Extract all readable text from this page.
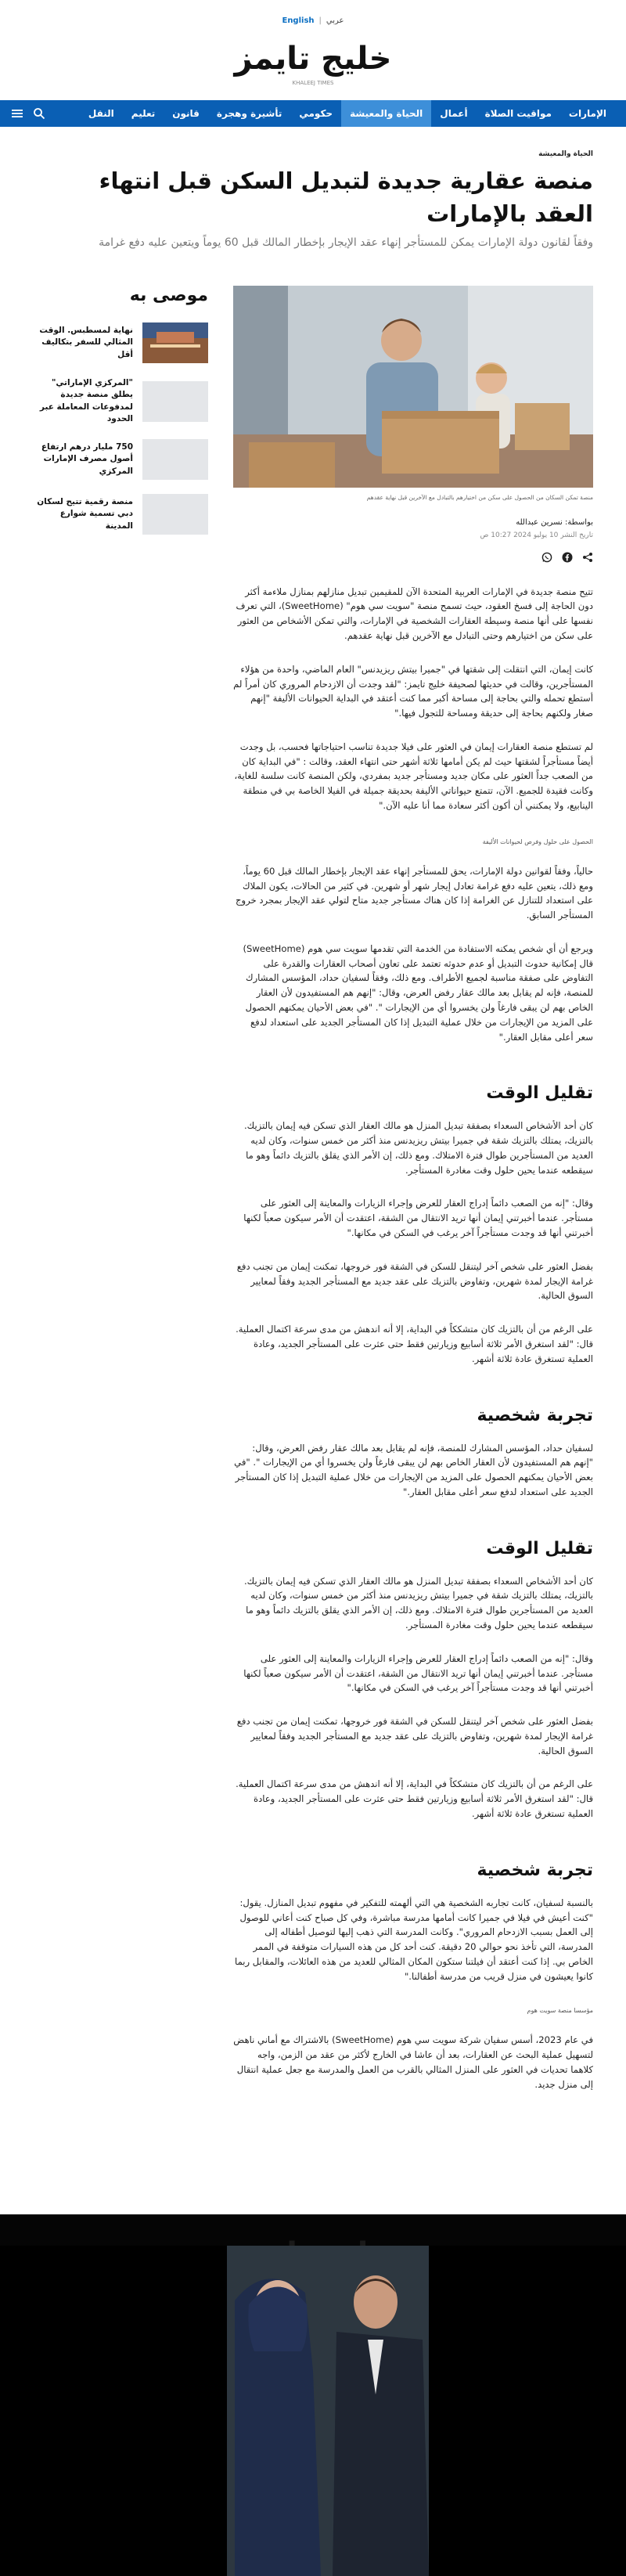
English | عربي
خليج تايمز
KHALEEJ TIMES
الإمارات
مواقيت الصلاة
أعمال
الحياة والمعيشة
حكومي
تأشيرة وهجرة
قانون
تعليم
النقل
الحياة والمعيشة
منصة عقارية جديدة لتبديل السكن قبل انتهاء العقد بالإمارات
وفقاً لقانون دولة الإمارات يمكن للمستأجر إنهاء عقد الإيجار بإخطار المالك قبل 60 يوماً ويتعين عليه دفع غرامة
منصة تمكن السكان من الحصول على سكن من اختيارهم بالتبادل مع الآخرين قبل نهاية عقدهم
بواسطة: نسرين عبدالله
تاريخ النشر 10 يوليو 2024 10:27 ص

تتيح منصة جديدة في الإمارات العربية المتحدة الآن للمقيمين تبديل منازلهم بمنازل ملاءمة أكثر دون الحاجة إلى فسخ العقود، حيث تسمح منصة "سويت سي هوم" (SweetHome)، التي تعرف نفسها على أنها منصة وسيطة العقارات الشخصية في الإمارات، والتي تمكن الأشخاص من العثور على سكن من اختيارهم وحتى التبادل مع الآخرين قبل نهاية عقدهم.

كانت إيمان، التي انتقلت إلى شقتها في "جميرا بيتش ريزيدنس" العام الماضي، واحدة من هؤلاء المستأجرين، وقالت في حديثها لصحيفة خليج تايمز: "لقد وجدت أن الازدحام المروري كان أمراً لم أستطع تحمله والتي بحاجة إلى مساحة أكبر مما كنت أعتقد في البداية الحيوانات الأليفة "إنهم صغار ولكنهم بحاجة إلى حديقة ومساحة للتجول فيها."

لم تستطع منصة العقارات إيمان في العثور على فيلا جديدة تناسب احتياجاتها فحسب، بل وجدت أيضاً مستأجراً لشقتها حيث لم يكن أمامها ثلاثة أشهر حتى انتهاء العقد، وقالت : "في البداية كان من الصعب جداً العثور على مكان جديد ومستأجر جديد بمفردي، ولكن المنصة كانت سلسة للغاية، وكانت فقيدة للجميع. الآن، تتمتع حيواناتي الأليفة بحديقة جميلة في الفيلا الخاصة بي في منطقة الينابيع، ولا يمكنني أن أكون أكثر سعادة مما أنا عليه الآن."

الحصول على حلول وفرص لحيوانات الأليفة

حالياً، وفقاً لقوانين دولة الإمارات، يحق للمستأجر إنهاء عقد الإيجار بإخطار المالك قبل 60 يوماً، ومع ذلك، يتعين عليه دفع غرامة تعادل إيجار شهر أو شهرين. في كثير من الحالات، يكون الملاك على استعداد للتنازل عن الغرامة إذا كان هناك مستأجر جديد متاح لتولي عقد الإيجار بمجرد خروج المستأجر السابق.

ويرجع أن أي شخص يمكنه الاستفادة من الخدمة التي تقدمها سويت سي هوم (SweetHome) قال إمكانية حدوث التبديل أو عدم حدوثه تعتمد على تعاون أصحاب العقارات والقدرة على التفاوض على صفقة مناسبة لجميع الأطراف. ومع ذلك، وفقاً لسفيان حداد، المؤسس المشارك للمنصة، فإنه لم يقابل بعد مالك عقار رفض العرض، وقال: "إنهم هم المستفيدون لأن العقار الخاص بهم لن يبقى فارغاً ولن يخسروا أي من الإيجارات ". "في بعض الأحيان يمكنهم الحصول على المزيد من الإيجارات من خلال عملية التبديل إذا كان المستأجر الجديد على استعداد لدفع سعر أعلى مقابل العقار."

تقليل الوقت

كان أحد الأشخاص السعداء بصفقة تبديل المنزل هو مالك العقار الذي تسكن فيه إيمان بالتزيك. بالتزيك، يمتلك بالتزيك شقة في جميرا بيتش ريزيدنس منذ أكثر من خمس سنوات، وكان لديه العديد من المستأجرين طوال فترة الامتلاك. ومع ذلك، إن الأمر الذي يقلق بالتزيك دائماً وهو ما سيقطعه عندما يحين حلول وقت مغادرة المستأجر.

وقال: "إنه من الصعب دائماً إدراج العقار للعرض وإجراء الزيارات والمعاينة إلى العثور على مستأجر. عندما أخبرتني إيمان أنها تريد الانتقال من الشقة، اعتقدت أن الأمر سيكون صعباً لكنها أخبرتني أنها قد وجدت مستأجراً آخر يرغب في السكن في مكانها."

بفضل العثور على شخص آخر ليتنقل للسكن في الشقة فور خروجها، تمكنت إيمان من تجنب دفع غرامة الإيجار لمدة شهرين، وتفاوض بالتزيك على عقد جديد مع المستأجر الجديد وفقاً لمعايير السوق الحالية.

على الرغم من أن بالتزيك كان متشككاً في البداية، إلا أنه اندهش من مدى سرعة اكتمال العملية. قال: "لقد استغرق الأمر ثلاثة أسابيع وزيارتين فقط حتى عثرت على المستأجر الجديد، وعادة العملية تستغرق عادة ثلاثة أشهر.

تجربة شخصية

لسفيان حداد، المؤسس المشارك للمنصة، فإنه لم يقابل بعد مالك عقار رفض العرض، وقال: "إنهم هم المستفيدون لأن العقار الخاص بهم لن يبقى فارغاً ولن يخسروا أي من الإيجارات ". "في بعض الأحيان يمكنهم الحصول على المزيد من الإيجارات من خلال عملية التبديل إذا كان المستأجر الجديد على استعداد لدفع سعر أعلى مقابل العقار."

تقليل الوقت

كان أحد الأشخاص السعداء بصفقة تبديل المنزل هو مالك العقار الذي تسكن فيه إيمان بالتزيك. بالتزيك، يمتلك بالتزيك شقة في جميرا بيتش ريزيدنس منذ أكثر من خمس سنوات، وكان لديه العديد من المستأجرين طوال فترة الامتلاك. ومع ذلك، إن الأمر الذي يقلق بالتزيك دائماً وهو ما سيقطعه عندما يحين حلول وقت مغادرة المستأجر.

وقال: "إنه من الصعب دائماً إدراج العقار للعرض وإجراء الزيارات والمعاينة إلى العثور على مستأجر. عندما أخبرتني إيمان أنها تريد الانتقال من الشقة، اعتقدت أن الأمر سيكون صعباً لكنها أخبرتني أنها قد وجدت مستأجراً آخر يرغب في السكن في مكانها."

بفضل العثور على شخص آخر ليتنقل للسكن في الشقة فور خروجها، تمكنت إيمان من تجنب دفع غرامة الإيجار لمدة شهرين، وتفاوض بالتزيك على عقد جديد مع المستأجر الجديد وفقاً لمعايير السوق الحالية.

على الرغم من أن بالتزيك كان متشككاً في البداية، إلا أنه اندهش من مدى سرعة اكتمال العملية. قال: "لقد استغرق الأمر ثلاثة أسابيع وزيارتين فقط حتى عثرت على المستأجر الجديد، وعادة العملية تستغرق عادة ثلاثة أشهر.

تجربة شخصية

بالنسبة لسفيان، كانت تجاربه الشخصية هي التي ألهمته للتفكير في مفهوم تبديل المنازل. يقول: "كنت أعيش في فيلا في جميرا كانت أمامها مدرسة مباشرة، وفي كل صباح كنت أعاني للوصول إلى العمل بسبب الازدحام المروري". وكانت المدرسة التي ذهب إليها لتوصيل أطفاله إلى المدرسة، التي تأخذ نحو حوالي 20 دقيقة. كنت أحد كل من هذه السيارات متوقفة في الممر الخاص بي. إذا كنت أعتقد أن فيلتنا ستكون المكان المثالي للعديد من هذه العائلات، والمقابل ربما كانوا يعيشون في منزل قريب من مدرسة أطفالنا."

مؤسسا منصة سويت هوم

في عام 2023، أسس سفيان شركة سويت سي هوم (SweetHome) بالاشتراك مع أماني ناهض لتسهيل عملية البحث عن العقارات، بعد أن عاشا في الخارج لأكثر من عقد من الزمن، واجه كلاهما تحديات في العثور على المنزل المثالي بالقرب من العمل والمدرسة مع جعل عملية انتقال إلى منزل جديد.

موصى به
نهاية لمسطبس. الوقت المثالي للسفر بتكاليف أقل
"المركزي الإماراتي" يطلق منصة جديدة لمدفوعات المعاملة عبر الحدود
750 مليار درهم ارتفاع أصول مصرف الإمارات المركزي
منصة رقمية تتيح لسكان دبي تسمية شوارع المدينة
